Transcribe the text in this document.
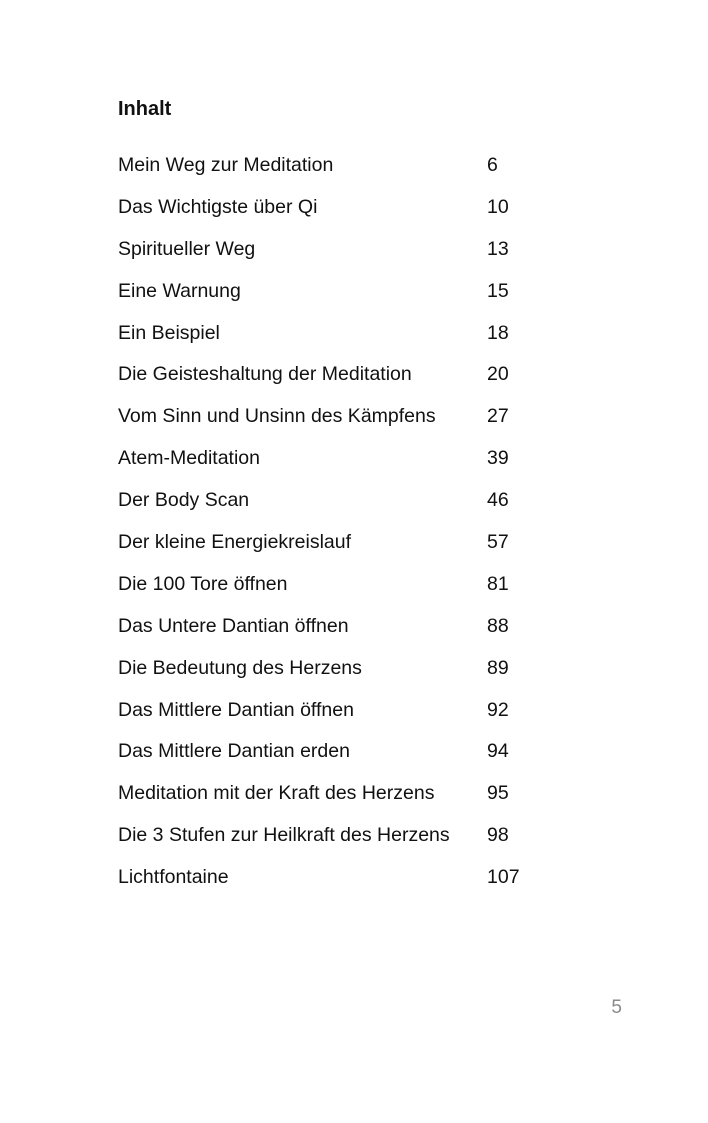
Inhalt
Mein Weg zur Meditation	6
Das Wichtigste über Qi	10
Spiritueller Weg	13
Eine Warnung	15
Ein Beispiel	18
Die Geisteshaltung der Meditation	20
Vom Sinn und Unsinn des Kämpfens	27
Atem-Meditation	39
Der Body Scan	46
Der kleine Energiekreislauf	57
Die 100 Tore öffnen	81
Das Untere Dantian öffnen	88
Die Bedeutung des Herzens	89
Das Mittlere Dantian öffnen	92
Das Mittlere Dantian erden	94
Meditation mit der Kraft des Herzens	95
Die 3 Stufen zur Heilkraft des Herzens	98
Lichtfontaine	107
5
